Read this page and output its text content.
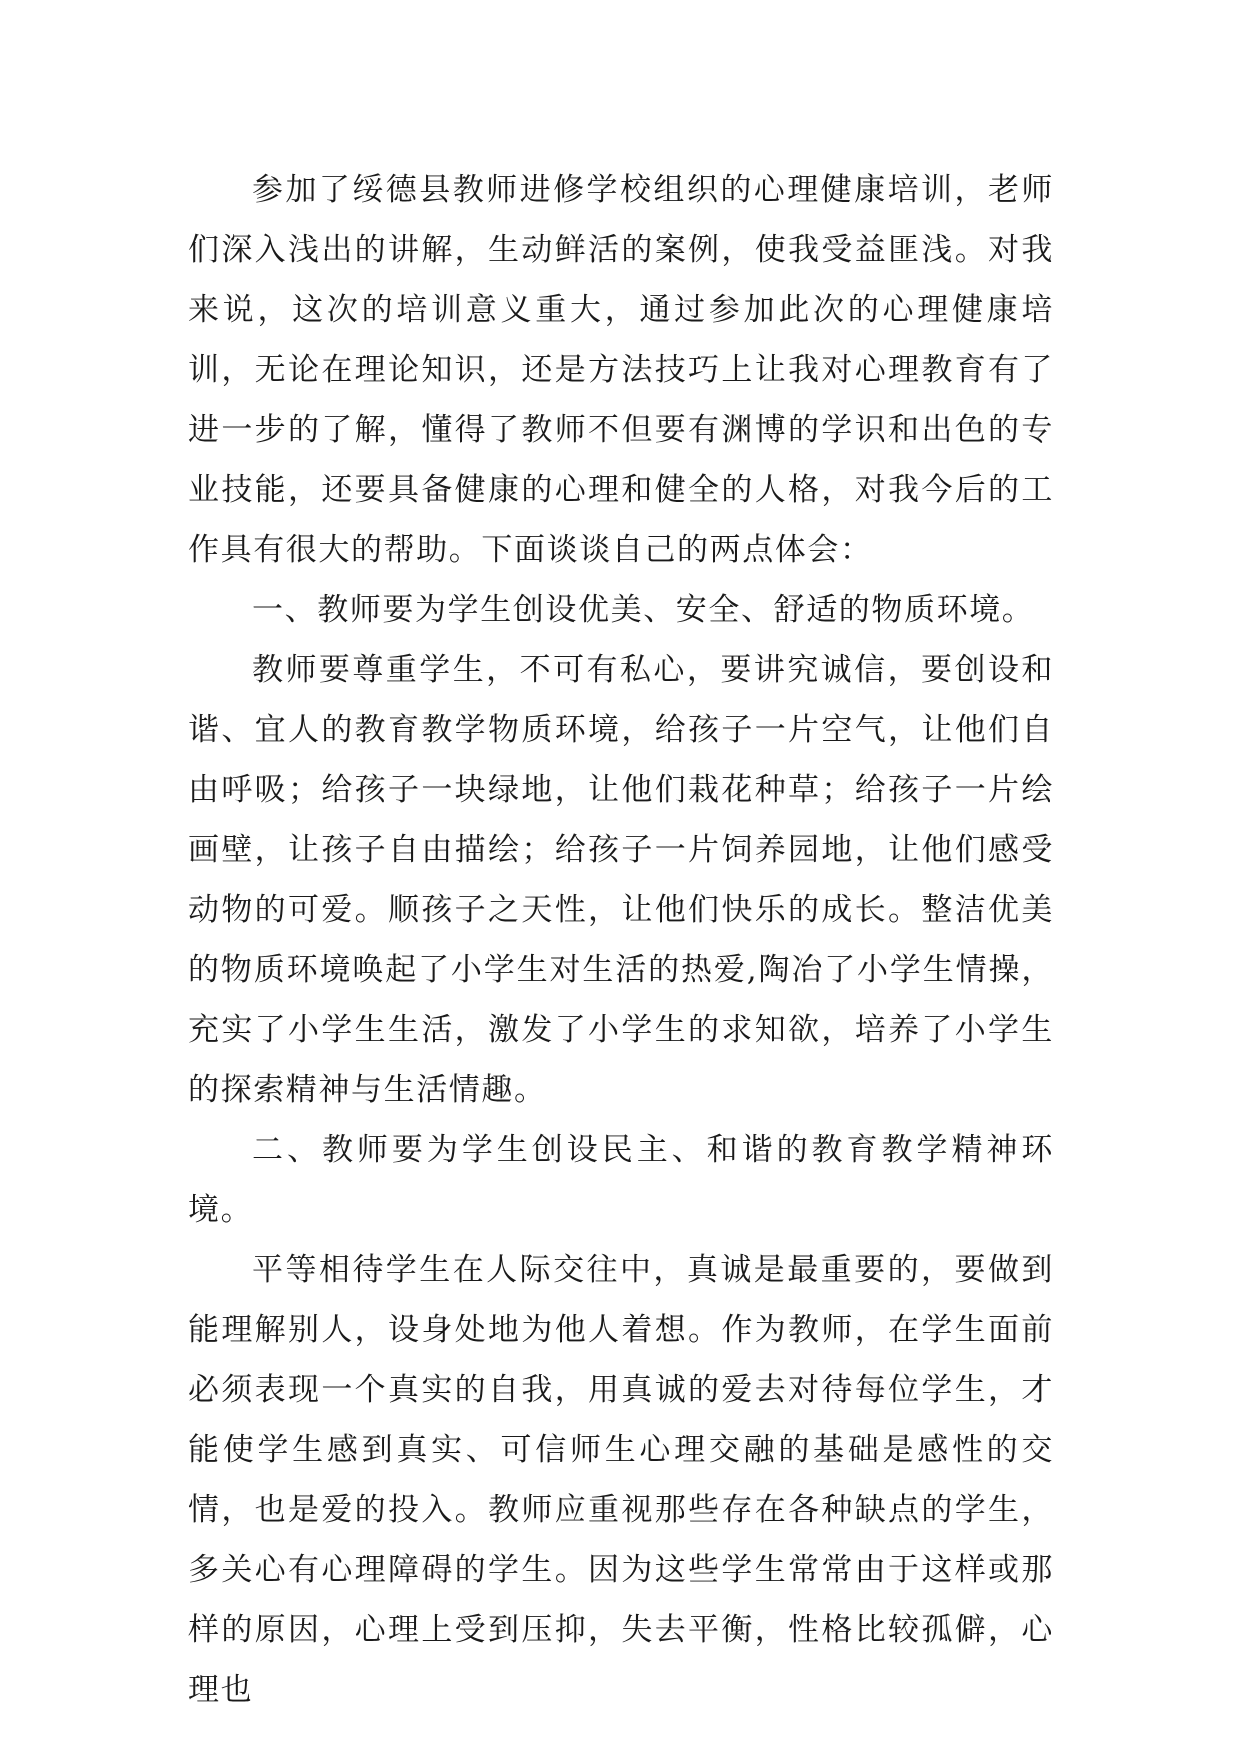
参加了绥德县教师进修学校组织的心理健康培训，老师们深入浅出的讲解，生动鲜活的案例，使我受益匪浅。对我来说，这次的培训意义重大，通过参加此次的心理健康培训，无论在理论知识，还是方法技巧上让我对心理教育有了进一步的了解，懂得了教师不但要有渊博的学识和出色的专业技能，还要具备健康的心理和健全的人格，对我今后的工作具有很大的帮助。下面谈谈自己的两点体会：

一、教师要为学生创设优美、安全、舒适的物质环境。

教师要尊重学生，不可有私心，要讲究诚信，要创设和谐、宜人的教育教学物质环境，给孩子一片空气，让他们自由呼吸；给孩子一块绿地，让他们栽花种草；给孩子一片绘画壁，让孩子自由描绘；给孩子一片饲养园地，让他们感受动物的可爱。顺孩子之天性，让他们快乐的成长。整洁优美的物质环境唤起了小学生对生活的热爱,陶冶了小学生情操，充实了小学生生活，激发了小学生的求知欲，培养了小学生的探索精神与生活情趣。

二、教师要为学生创设民主、和谐的教育教学精神环境。

平等相待学生在人际交往中，真诚是最重要的，要做到能理解别人，设身处地为他人着想。作为教师，在学生面前必须表现一个真实的自我，用真诚的爱去对待每位学生，才能使学生感到真实、可信师生心理交融的基础是感性的交情，也是爱的投入。教师应重视那些存在各种缺点的学生，多关心有心理障碍的学生。因为这些学生常常由于这样或那样的原因，心理上受到压抑，失去平衡，性格比较孤僻，心理也
